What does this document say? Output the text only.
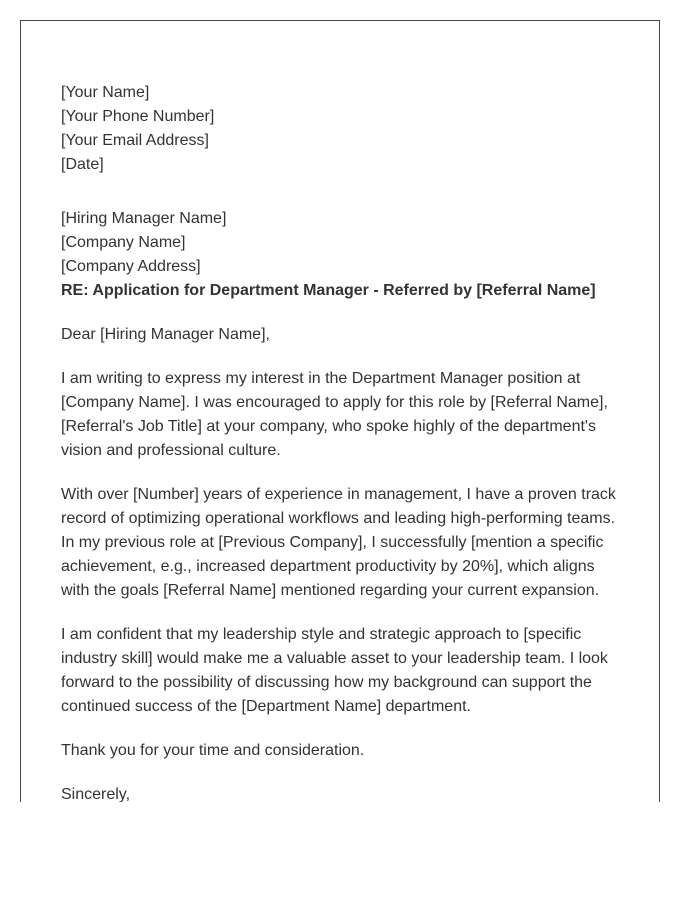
[Your Name]
[Your Phone Number]
[Your Email Address]
[Date]
[Hiring Manager Name]
[Company Name]
[Company Address]
RE: Application for Department Manager - Referred by [Referral Name]

Dear [Hiring Manager Name],

I am writing to express my interest in the Department Manager position at
[Company Name]. I was encouraged to apply for this role by [Referral Name],
[Referral's Job Title] at your company, who spoke highly of the department's
vision and professional culture.

With over [Number] years of experience in management, I have a proven track
record of optimizing operational workflows and leading high-performing teams.
In my previous role at [Previous Company], I successfully [mention a specific
achievement, e.g., increased department productivity by 20%], which aligns
with the goals [Referral Name] mentioned regarding your current expansion.

I am confident that my leadership style and strategic approach to [specific
industry skill] would make me a valuable asset to your leadership team. I look
forward to the possibility of discussing how my background can support the
continued success of the [Department Name] department.

Thank you for your time and consideration.

Sincerely,
